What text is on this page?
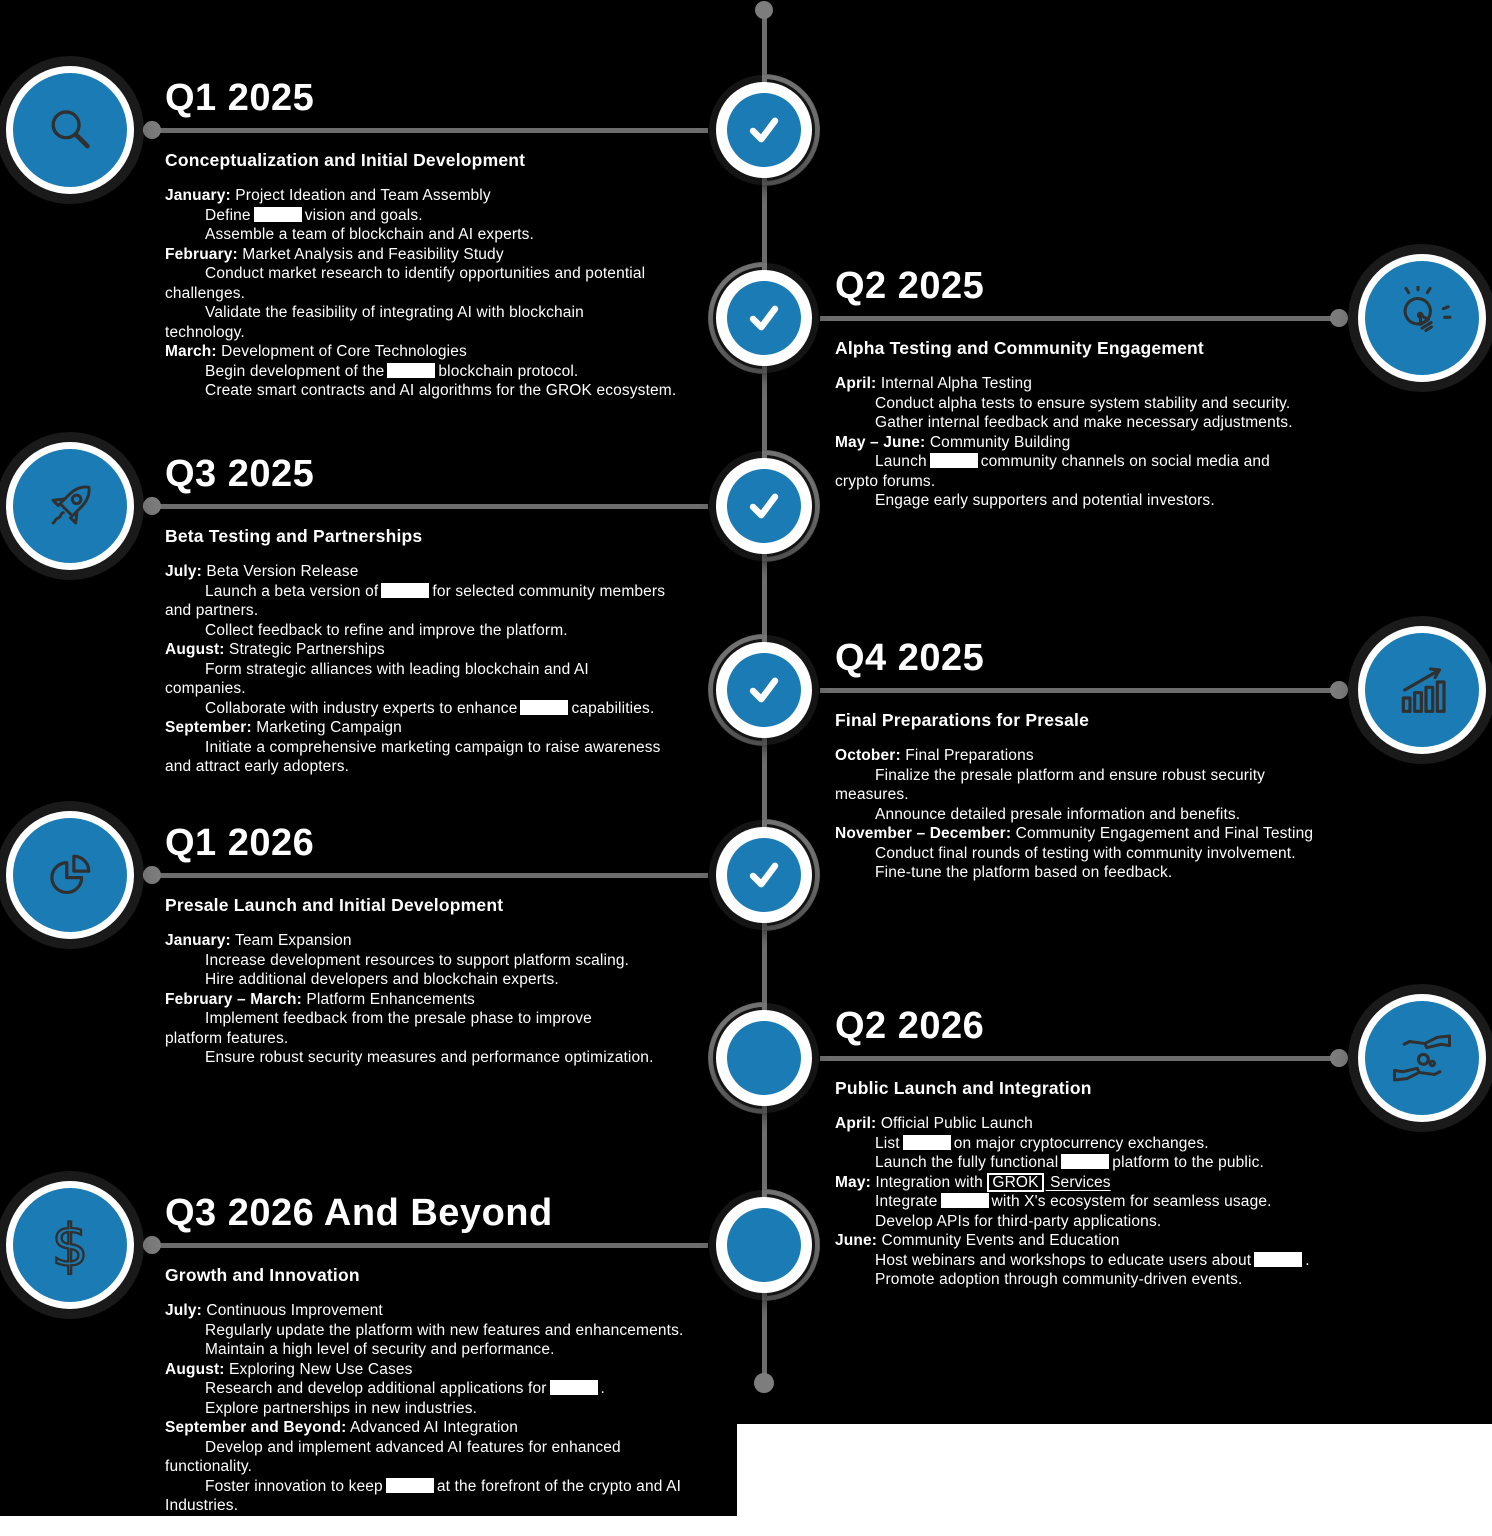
Q1 2025
Conceptualization and Initial Development
January: Project Ideation and Team Assembly
Define	vision and goals.
Assemble a team of blockchain and AI experts.
February: Market Analysis and Feasibility Study
Conduct market research to identify opportunities and potential
challenges.
Validate the feasibility of integrating AI with blockchain
technology.
March: Development of Core Technologies
Begin development of the	blockchain protocol.
Create smart contracts and AI algorithms for the GROK ecosystem.
Q2 2025
Alpha Testing and Community Engagement
April: Internal Alpha Testing
Conduct alpha tests to ensure system stability and security.
Gather internal feedback and make necessary adjustments.
May – June: Community Building
Launch	community channels on social media and
crypto forums.
Engage early supporters and potential investors.
Q3 2025
Beta Testing and Partnerships
July: Beta Version Release
Launch a beta version of	for selected community members
and partners.
Collect feedback to refine and improve the platform.
August: Strategic Partnerships
Form strategic alliances with leading blockchain and AI
companies.
Collaborate with industry experts to enhance	capabilities.
September: Marketing Campaign
Initiate a comprehensive marketing campaign to raise awareness
and attract early adopters.
Q4 2025
Final Preparations for Presale
October: Final Preparations
Finalize the presale platform and ensure robust security
measures.
Announce detailed presale information and benefits.
November – December: Community Engagement and Final Testing
Conduct final rounds of testing with community involvement.
Fine-tune the platform based on feedback.
Q1 2026
Presale Launch and Initial Development
January: Team Expansion
Increase development resources to support platform scaling.
Hire additional developers and blockchain experts.
February – March: Platform Enhancements
Implement feedback from the presale phase to improve
platform features.
Ensure robust security measures and performance optimization.
Q2 2026
Public Launch and Integration
April: Official Public Launch
List	on major cryptocurrency exchanges.
Launch the fully functional	platform to the public.
May: Integration with GROK Services
Integrate	with X's ecosystem for seamless usage.
Develop APIs for third-party applications.
June: Community Events and Education
Host webinars and workshops to educate users about	.
Promote adoption through community-driven events.
$ Q3 2026 And Beyond
Growth and Innovation
July: Continuous Improvement
Regularly update the platform with new features and enhancements.
Maintain a high level of security and performance.
August: Exploring New Use Cases
Research and develop additional applications for	.
Explore partnerships in new industries.
September and Beyond: Advanced AI Integration
Develop and implement advanced AI features for enhanced
functionality.
Foster innovation to keep	at the forefront of the crypto and AI
Industries.
